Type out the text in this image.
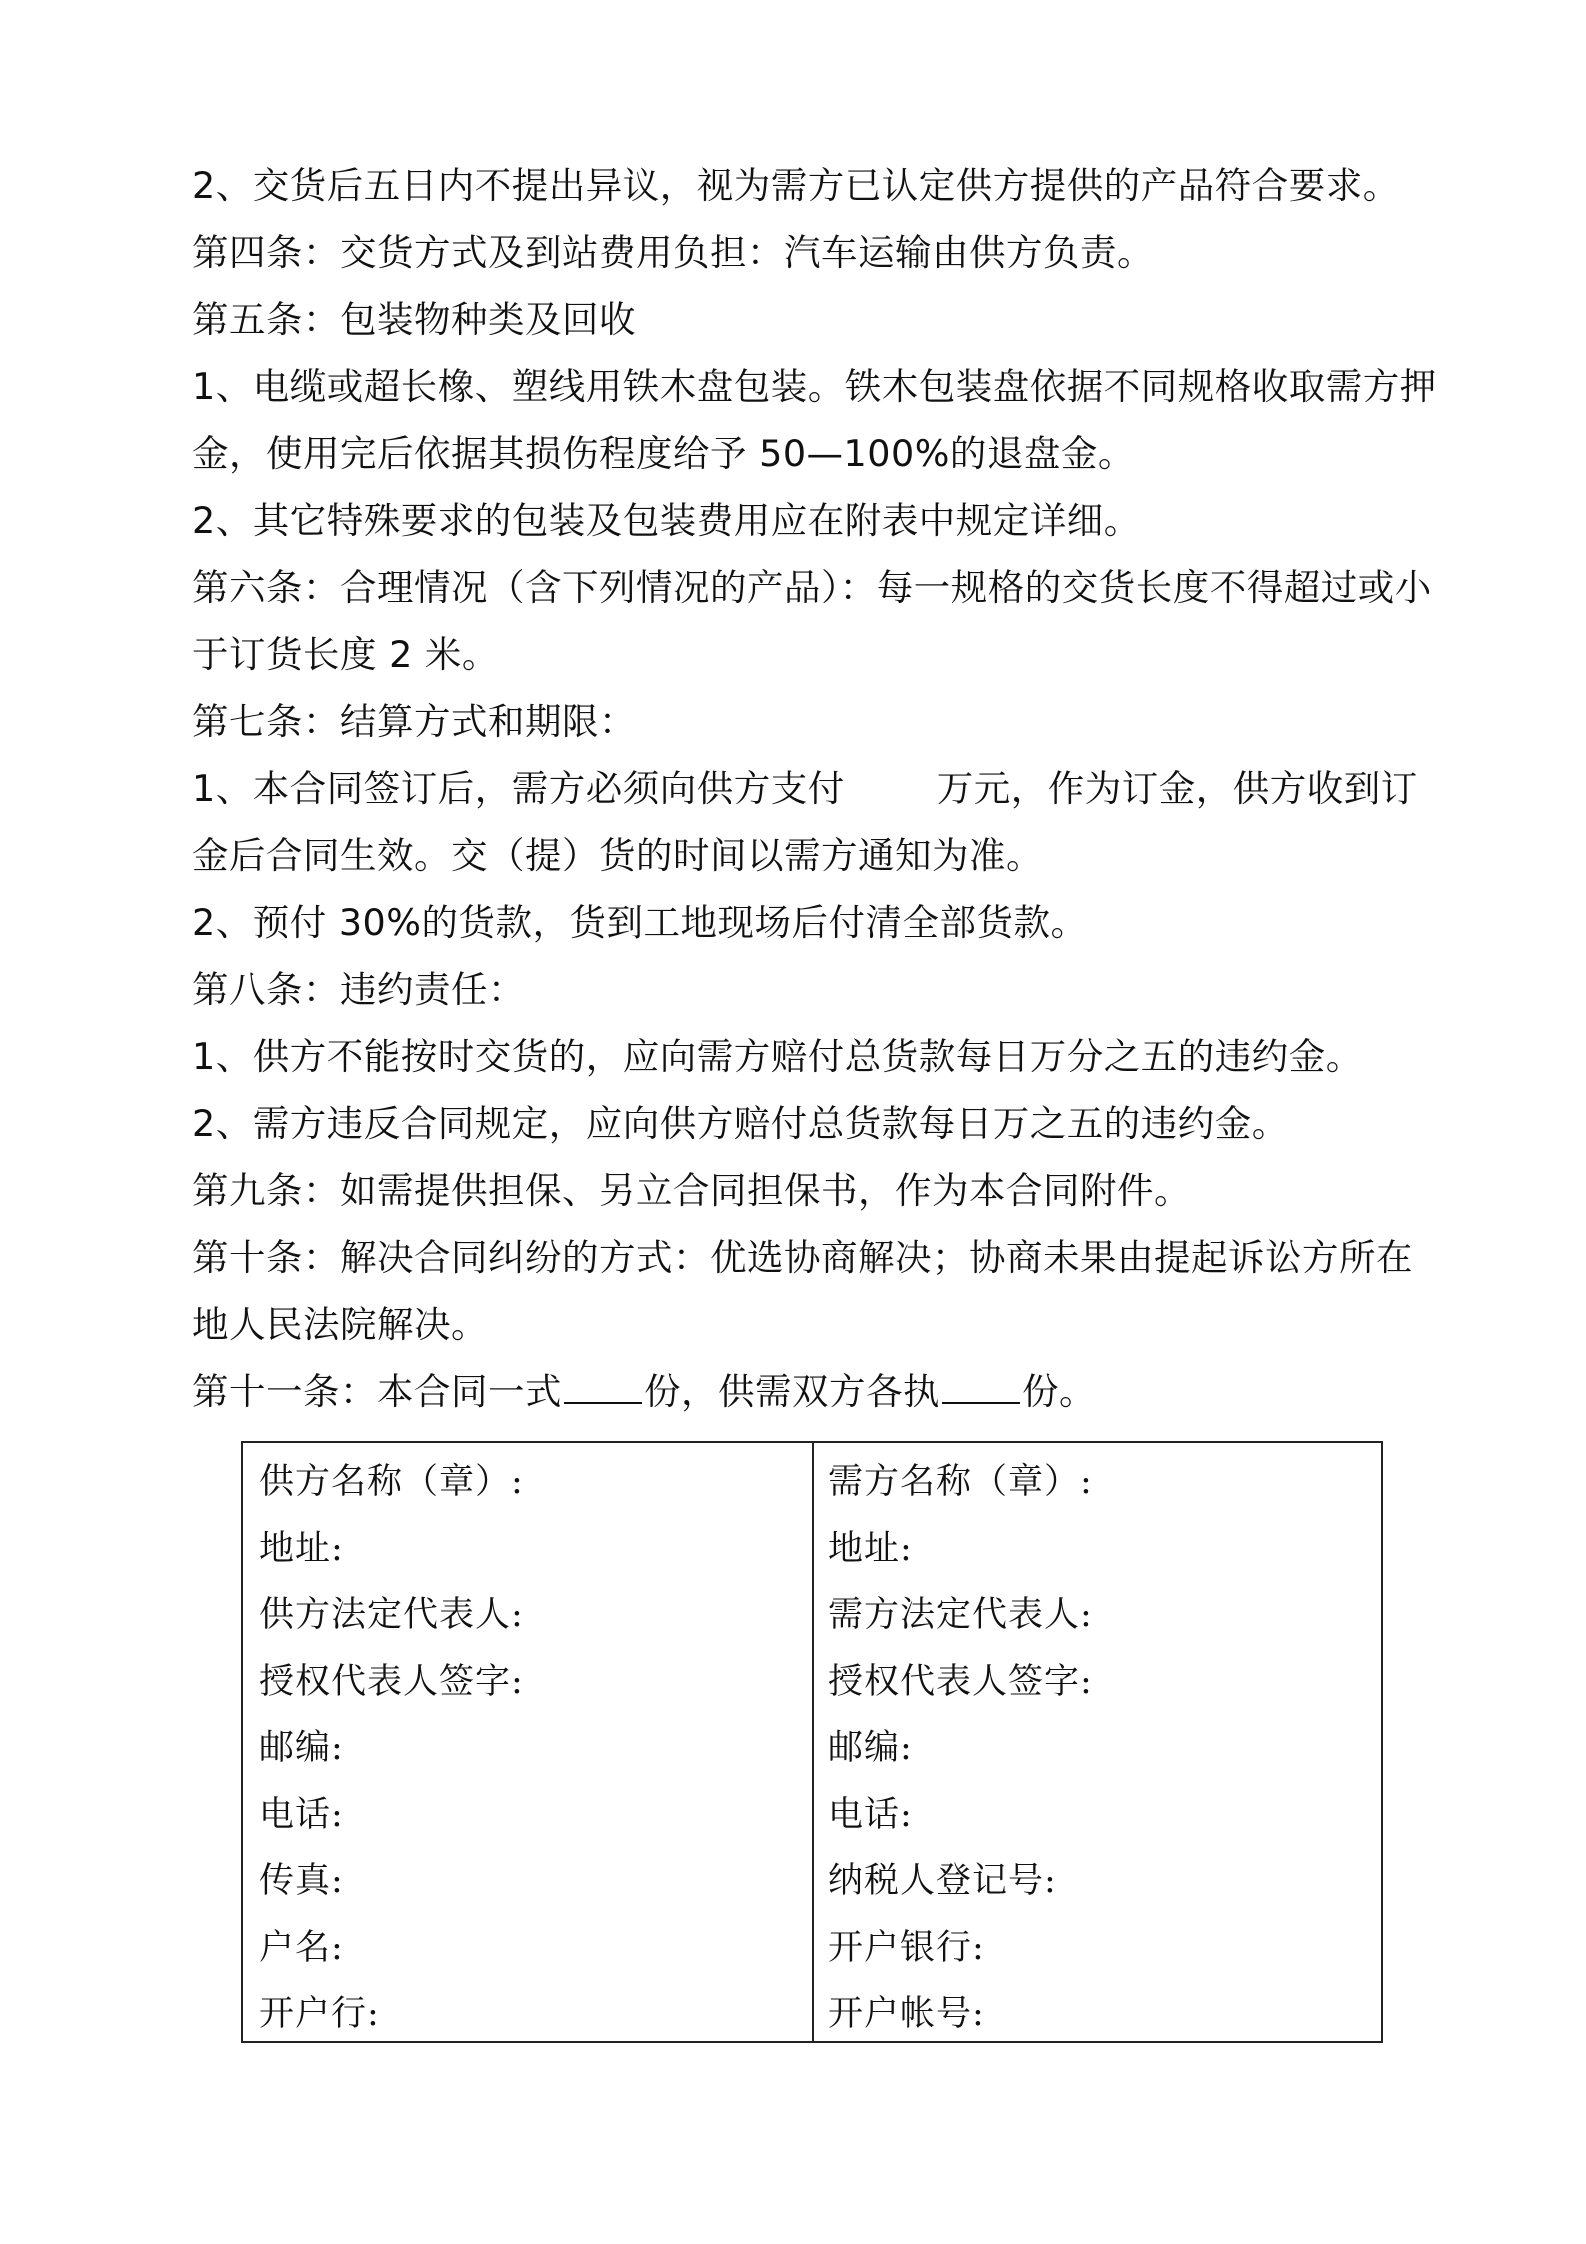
2、交货后五日内不提出异议，视为需方已认定供方提供的产品符合要求。
第四条：交货方式及到站费用负担：汽车运输由供方负责。
第五条：包装物种类及回收
1、电缆或超长橡、塑线用铁木盘包装。铁木包装盘依据不同规格收取需方押
金，使用完后依据其损伤程度给予 50—100%的退盘金。
2、其它特殊要求的包装及包装费用应在附表中规定详细。
第六条：合理情况（含下列情况的产品）：每一规格的交货长度不得超过或小
于订货长度 2 米。
第七条：结算方式和期限：
1、本合同签订后，需方必须向供方支付	万元，作为订金，供方收到订
金后合同生效。交（提）货的时间以需方通知为准。
2、预付 30%的货款，货到工地现场后付清全部货款。
第八条：违约责任：
1、供方不能按时交货的，应向需方赔付总货款每日万分之五的违约金。
2、需方违反合同规定，应向供方赔付总货款每日万之五的违约金。
第九条：如需提供担保、另立合同担保书，作为本合同附件。
第十条：解决合同纠纷的方式：优选协商解决；协商未果由提起诉讼方所在
地人民法院解决。
第十一条：本合同一式 份，供需双方各执 份。
供方名称（章）:
地址:
供方法定代表人:
授权代表人签字:
邮编:
电话:
传真:
户名:
开户行:
需方名称（章）:
地址:
需方法定代表人:
授权代表人签字:
邮编:
电话:
纳税人登记号:
开户银行:
开户帐号:
